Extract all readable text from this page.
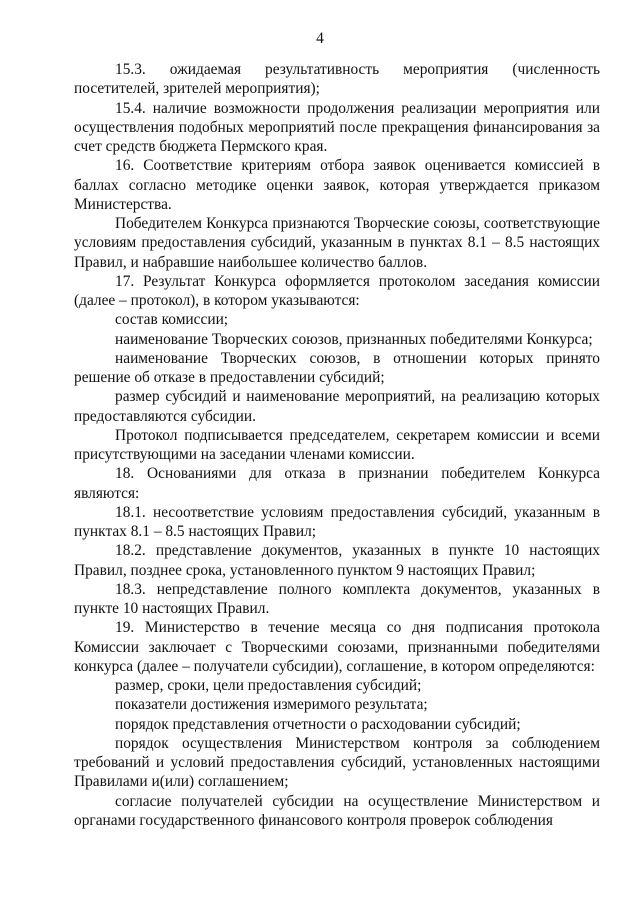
4

15.3. ожидаемая результативность мероприятия (численность посетителей, зрителей мероприятия);

15.4. наличие возможности продолжения реализации мероприятия или осуществления подобных мероприятий после прекращения финансирования за счет средств бюджета Пермского края.

16. Соответствие критериям отбора заявок оценивается комиссией в баллах согласно методике оценки заявок, которая утверждается приказом Министерства.

Победителем Конкурса признаются Творческие союзы, соответствующие условиям предоставления субсидий, указанным в пунктах 8.1 – 8.5 настоящих Правил, и набравшие наибольшее количество баллов.

17. Результат Конкурса оформляется протоколом заседания комиссии (далее – протокол), в котором указываются:

состав комиссии;

наименование Творческих союзов, признанных победителями Конкурса;

наименование Творческих союзов, в отношении которых принято решение об отказе в предоставлении субсидий;

размер субсидий и наименование мероприятий, на реализацию которых предоставляются субсидии.

Протокол подписывается председателем, секретарем комиссии и всеми присутствующими на заседании членами комиссии.

18. Основаниями для отказа в признании победителем Конкурса являются:

18.1. несоответствие условиям предоставления субсидий, указанным в пунктах 8.1 – 8.5 настоящих Правил;

18.2. представление документов, указанных в пункте 10 настоящих Правил, позднее срока, установленного пунктом 9 настоящих Правил;

18.3. непредставление полного комплекта документов, указанных в пункте 10 настоящих Правил.

19. Министерство в течение месяца со дня подписания протокола Комиссии заключает с Творческими союзами, признанными победителями конкурса (далее – получатели субсидии), соглашение, в котором определяются:

размер, сроки, цели предоставления субсидий;

показатели достижения измеримого результата;

порядок представления отчетности о расходовании субсидий;

порядок осуществления Министерством контроля за соблюдением требований и условий предоставления субсидий, установленных настоящими Правилами и(или) соглашением;

согласие получателей субсидии на осуществление Министерством и органами государственного финансового контроля проверок соблюдения
